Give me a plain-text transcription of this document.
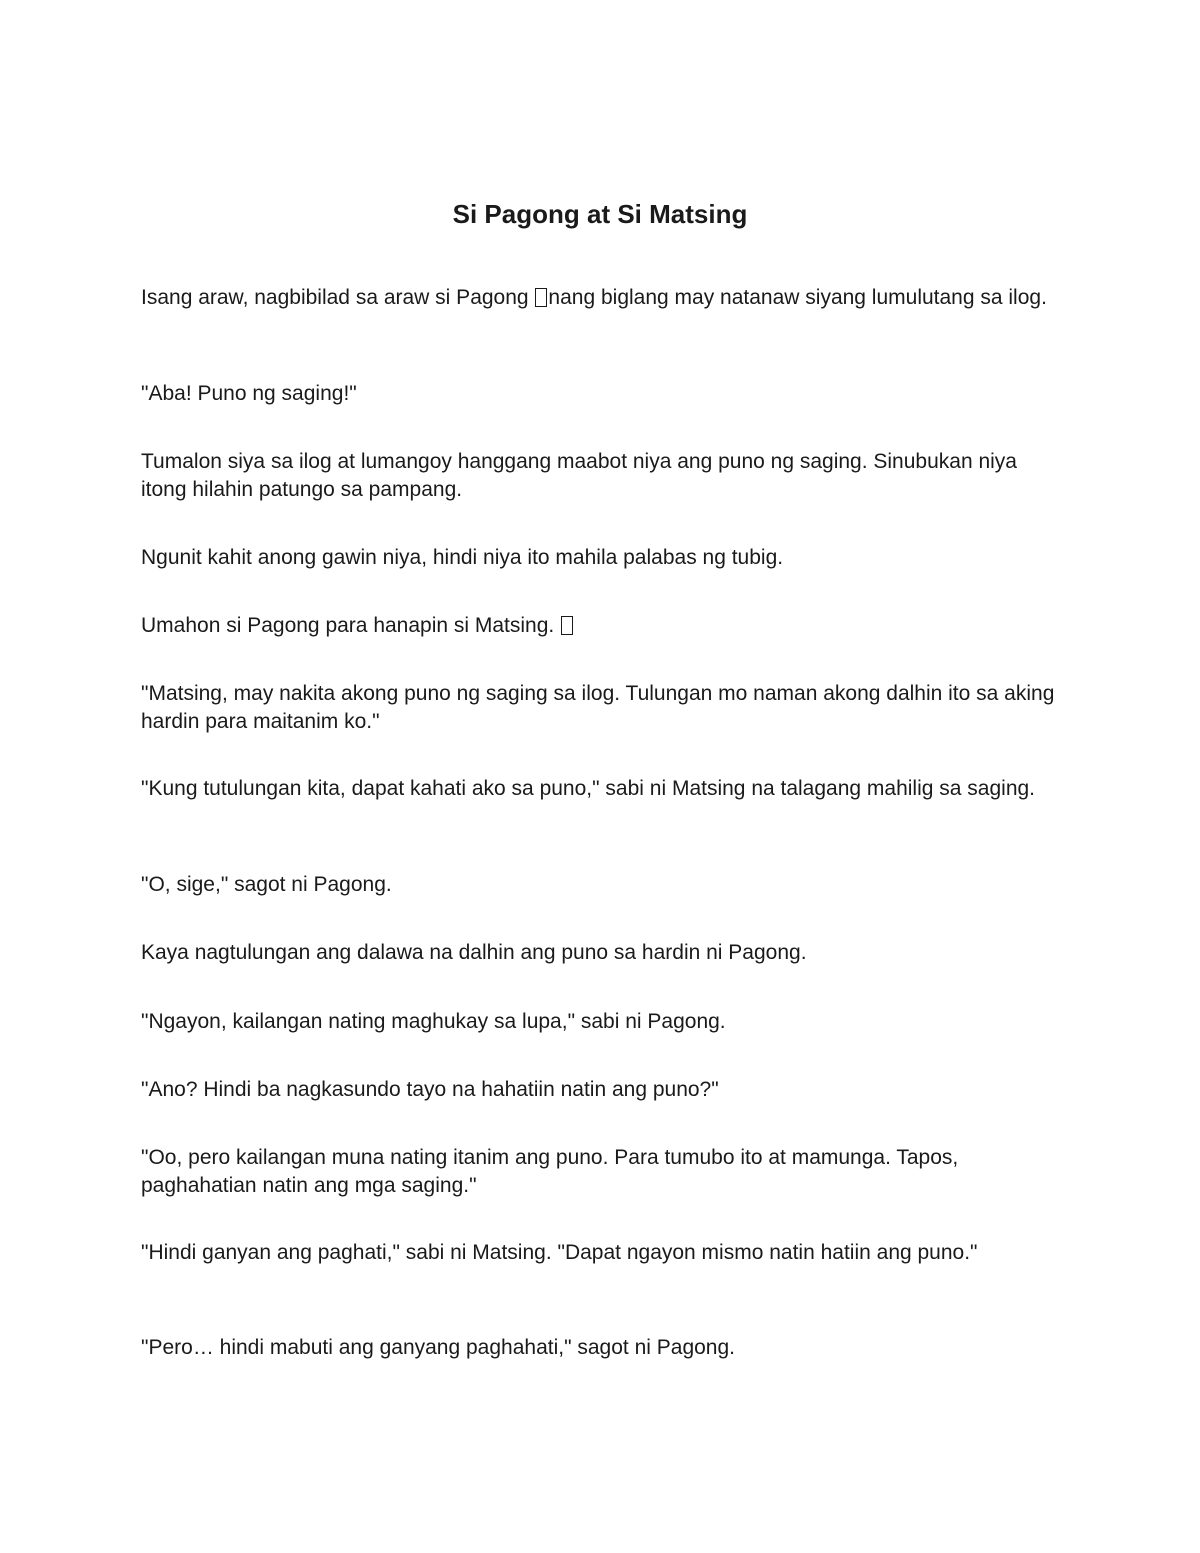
Si Pagong at Si Matsing

Isang araw, nagbibilad sa araw si Pagong nang biglang may natanaw siyang lumulutang sa ilog.

"Aba! Puno ng saging!"

Tumalon siya sa ilog at lumangoy hanggang maabot niya ang puno ng saging. Sinubukan niya itong hilahin patungo sa pampang.

Ngunit kahit anong gawin niya, hindi niya ito mahila palabas ng tubig.

Umahon si Pagong para hanapin si Matsing.

"Matsing, may nakita akong puno ng saging sa ilog. Tulungan mo naman akong dalhin ito sa aking hardin para maitanim ko."

"Kung tutulungan kita, dapat kahati ako sa puno," sabi ni Matsing na talagang mahilig sa saging.

"O, sige," sagot ni Pagong.

Kaya nagtulungan ang dalawa na dalhin ang puno sa hardin ni Pagong.

"Ngayon, kailangan nating maghukay sa lupa," sabi ni Pagong.

"Ano? Hindi ba nagkasundo tayo na hahatiin natin ang puno?"

"Oo, pero kailangan muna nating itanim ang puno. Para tumubo ito at mamunga. Tapos, paghahatian natin ang mga saging."

"Hindi ganyan ang paghati," sabi ni Matsing. "Dapat ngayon mismo natin hatiin ang puno."

"Pero… hindi mabuti ang ganyang paghahati," sagot ni Pagong.
